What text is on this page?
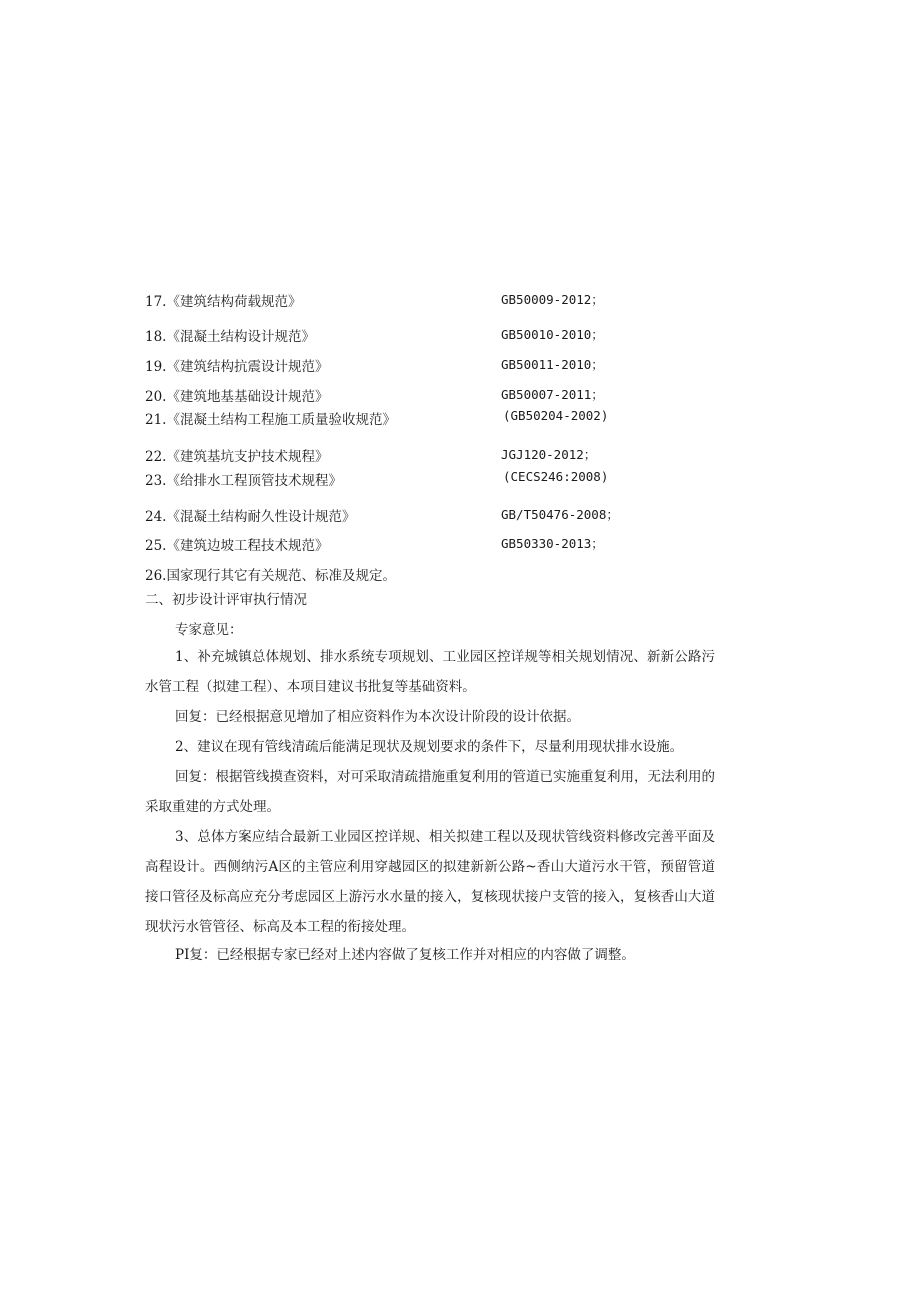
17.《建筑结构荷载规范》	GB50009-2012；
18.《混凝土结构设计规范》	GB50010-2010；
19.《建筑结构抗震设计规范》	GB50011-2010；
20.《建筑地基基础设计规范》	GB50007-2011；
21.《混凝土结构工程施工质量验收规范》	(GB50204-2002)
22.《建筑基坑支护技术规程》	JGJ120-2012；
23.《给排水工程顶管技术规程》	(CECS246:2008)
24.《混凝土结构耐久性设计规范》	GB/T50476-2008；
25.《建筑边坡工程技术规范》	GB50330-2013；
26.国家现行其它有关规范、标准及规定。
二、初步设计评审执行情况
专家意见：
1、补充城镇总体规划、排水系统专项规划、工业园区控详规等相关规划情况、新新公路污水管工程（拟建工程）、本项目建议书批复等基础资料。
回复：已经根据意见增加了相应资料作为本次设计阶段的设计依据。
2、建议在现有管线清疏后能满足现状及规划要求的条件下，尽量利用现状排水设施。
回复：根据管线摸查资料，对可采取清疏措施重复利用的管道已实施重复利用，无法利用的采取重建的方式处理。
3、总体方案应结合最新工业园区控详规、相关拟建工程以及现状管线资料修改完善平面及高程设计。西侧纳污A区的主管应利用穿越园区的拟建新新公路~香山大道污水干管，预留管道接口管径及标高应充分考虑园区上游污水水量的接入，复核现状接户支管的接入，复核香山大道现状污水管管径、标高及本工程的衔接处理。
PI复：已经根据专家已经对上述内容做了复核工作并对相应的内容做了调整。
